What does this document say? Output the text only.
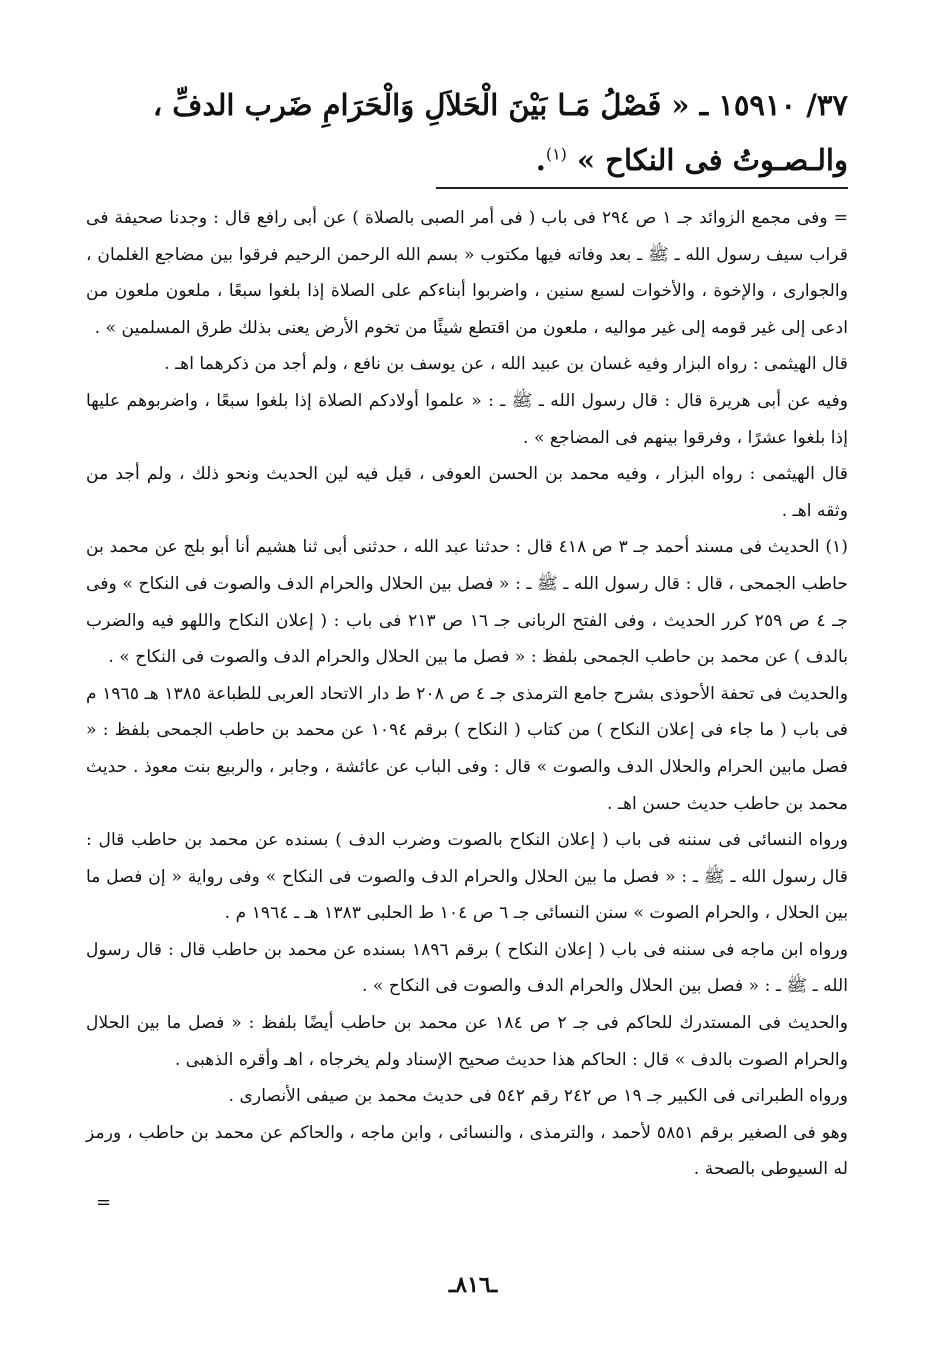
٣٧/ ١٥٩١٠ ـ « فَصْلُ مَـا بَيْنَ الْحَلاَلِ وَالْحَرَامِ ضَرب الدفِّ ، والـصـوتُ فى النكاح » $^{(١)}$.

= وفى مجمع الزوائد جـ ١ ص ٢٩٤ فى باب ( فى أمر الصبى بالصلاة ) عن أبى رافع قال : وجدنا صحيفة فى قراب سيف رسول الله ـ ﷺ ـ بعد وفاته فيها مكتوب « بسم الله الرحمن الرحيم فرقوا بين مضاجع الغلمان ، والجوارى ، والإخوة ، والأخوات لسبع سنين ، واضربوا أبناءكم على الصلاة إذا بلغوا سبعًا ، ملعون ملعون من ادعى إلى غير قومه إلى غير مواليه ، ملعون من اقتطع شيئًا من تخوم الأرض يعنى بذلك طرق المسلمين » .

قال الهيثمى : رواه البزار وفيه غسان بن عبيد الله ، عن يوسف بن نافع ، ولم أجد من ذكرهما اهـ .

وفيه عن أبى هريرة قال : قال رسول الله ـ ﷺ ـ : « علموا أولادكم الصلاة إذا بلغوا سبعًا ، واضربوهم عليها إذا بلغوا عشرًا ، وفرقوا بينهم فى المضاجع » .

قال الهيثمى : رواه البزار ، وفيه محمد بن الحسن العوفى ، قيل فيه لين الحديث ونحو ذلك ، ولم أجد من وثقه اهـ .

(١) الحديث فى مسند أحمد جـ ٣ ص ٤١٨ قال : حدثنا عبد الله ، حدثنى أبى ثنا هشيم أنا أبو بلج عن محمد بن حاطب الجمحى ، قال : قال رسول الله ـ ﷺ ـ : « فصل بين الحلال والحرام الدف والصوت فى النكاح » وفى جـ ٤ ص ٢٥٩ كرر الحديث ، وفى الفتح الربانى جـ ١٦ ص ٢١٣ فى باب : ( إعلان النكاح واللهو فيه والضرب بالدف ) عن محمد بن حاطب الجمحى بلفظ : « فصل ما بين الحلال والحرام الدف والصوت فى النكاح » .

والحديث فى تحفة الأحوذى بشرح جامع الترمذى جـ ٤ ص ٢٠٨ ط دار الاتحاد العربى للطباعة ١٣٨٥ هـ ١٩٦٥ م فى باب ( ما جاء فى إعلان النكاح ) من كتاب ( النكاح ) برقم ١٠٩٤ عن محمد بن حاطب الجمحى بلفظ : « فصل مابين الحرام والحلال الدف والصوت » قال : وفى الباب عن عائشة ، وجابر ، والربيع بنت معوذ . حديث محمد بن حاطب حديث حسن اهـ .

ورواه النسائى فى سننه فى باب ( إعلان النكاح بالصوت وضرب الدف ) بسنده عن محمد بن حاطب قال : قال رسول الله ـ ﷺ ـ : « فصل ما بين الحلال والحرام الدف والصوت فى النكاح » وفى رواية « إن فصل ما بين الحلال ، والحرام الصوت » سنن النسائى جـ ٦ ص ١٠٤ ط الحلبى ١٣٨٣ هـ ـ ١٩٦٤ م .

ورواه ابن ماجه فى سننه فى باب ( إعلان النكاح ) برقم ١٨٩٦ بسنده عن محمد بن حاطب قال : قال رسول الله ـ ﷺ ـ : « فصل بين الحلال والحرام الدف والصوت فى النكاح » .

والحديث فى المستدرك للحاكم فى جـ ٢ ص ١٨٤ عن محمد بن حاطب أيضًا بلفظ : « فصل ما بين الحلال والحرام الصوت بالدف » قال : الحاكم هذا حديث صحيح الإسناد ولم يخرجاه ، اهـ وأقره الذهبى .

ورواه الطبرانى فى الكبير جـ ١٩ ص ٢٤٢ رقم ٥٤٢ فى حديث محمد بن صيفى الأنصارى .

وهو فى الصغير برقم ٥٨٥١ لأحمد ، والترمذى ، والنسائى ، وابن ماجه ، والحاكم عن محمد بن حاطب ، ورمز له السيوطى بالصحة .

=
ـ٨١٦ـ
